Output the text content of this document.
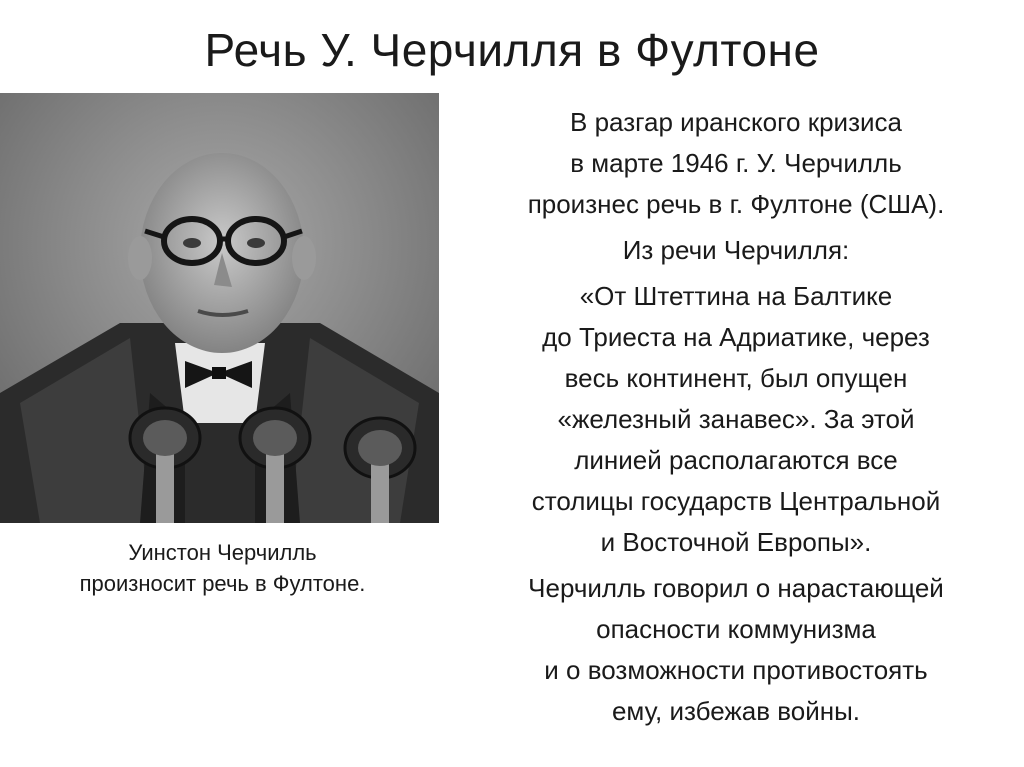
Речь У. Черчилля в Фултоне
Уинстон Черчилль
произносит речь в Фултоне.
В разгар иранского кризиса
в марте 1946 г. У. Черчилль
произнес речь в г. Фултоне (США).
Из речи Черчилля:
«От Штеттина на Балтике
до Триеста на Адриатике, через
весь континент, был опущен
«железный занавес». За этой
линией располагаются все
столицы государств Центральной
и Восточной Европы».
Черчилль говорил о нарастающей
опасности коммунизма
и о возможности противостоять
ему, избежав войны.
